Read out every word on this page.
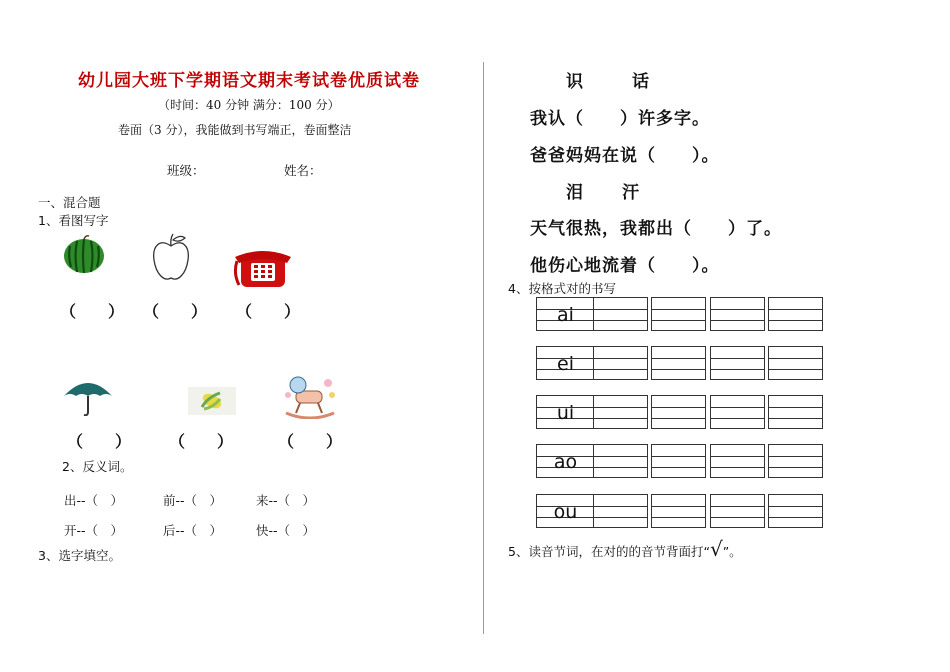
幼儿园大班下学期语文期末考试卷优质试卷
（时间：40 分钟 满分：100 分）
卷面（3 分），我能做到书写端正，卷面整洁
班级：	姓名：
一、混合题
1、看图写字
（　　） （　　） （　　）
（　　） （　　）	（　　）
2、反义词。
出--（　）	前--（　）	来--（　）
开--（　）	后--（　）	快--（　）
3、选字填空。
识	话
我认（　　）许多字。
爸爸妈妈在说（　　）。
泪 汗
天气很热，我都出（　　）了。
他伤心地流着（　　）。
4、按格式对的书写
ai
ei
ui
ao
ou
5、读音节词，在对的的音节背面打“√”。
